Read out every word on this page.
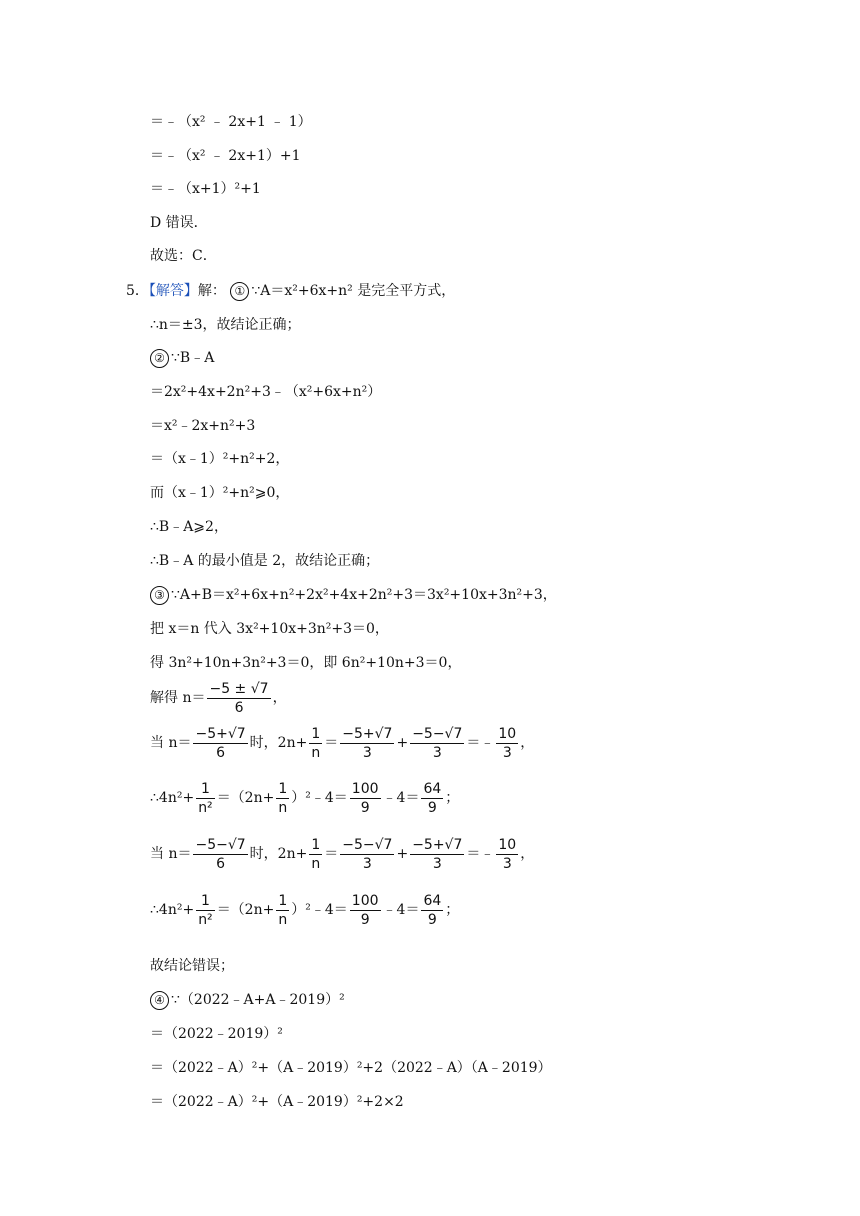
＝﹣（x² ﹣ 2x+1 ﹣ 1）
＝﹣（x² ﹣ 2x+1）+1
＝﹣（x+1）²+1
D 错误．
故选：C．
5．【解答】解： ① ∵A＝x²+6x+n² 是完全平方式，
∴n＝±3，故结论正确；
② ∵B﹣A
＝2x²+4x+2n²+3﹣（x²+6x+n²）
＝x²﹣2x+n²+3
＝（x﹣1）²+n²+2，
而（x﹣1）²+n²⩾0，
∴B﹣A⩾2，
∴B﹣A 的最小值是 2，故结论正确；
③ ∵A+B＝x²+6x+n²+2x²+4x+2n²+3＝3x²+10x+3n²+3，
把 x＝n 代入 3x²+10x+3n²+3＝0，
得 3n²+10n+3n²+3＝0，即 6n²+10n+3＝0，
解得 $n= \frac{-5 \pm √7}{6}$ ，
当 $n= \frac{-5+√7}{6}$ 时，$2n+ \frac{1}{n} = \frac{-5+√7}{3} + \frac{-5-√7}{3}$ ＝﹣ $\frac{10}{3}$ ，
∴4n²+ $\frac{1}{\text{n²}} =(2n+ \frac{1}{n}$ ）²﹣4＝ $\frac{100}{9}$ ﹣4＝ $\frac{64}{9}$ ；
当 $n= \frac{-5-√7}{6}$ 时，$2n+ \frac{1}{n} = \frac{-5-√7}{3} + \frac{-5+√7}{3}$ ＝﹣ $\frac{10}{3}$ ，
∴4n²+ $\frac{1}{\text{n²}} =(2n+ \frac{1}{n}$ ）²﹣4＝ $\frac{100}{9}$ ﹣4＝ $\frac{64}{9}$ ；
故结论错误；
④ ∵（2022﹣A+A﹣2019）²
＝（2022﹣2019）²
＝（2022﹣A）²+（A﹣2019）²+2（2022﹣A）（A﹣2019）
＝（2022﹣A）²+（A﹣2019）²+2×2
